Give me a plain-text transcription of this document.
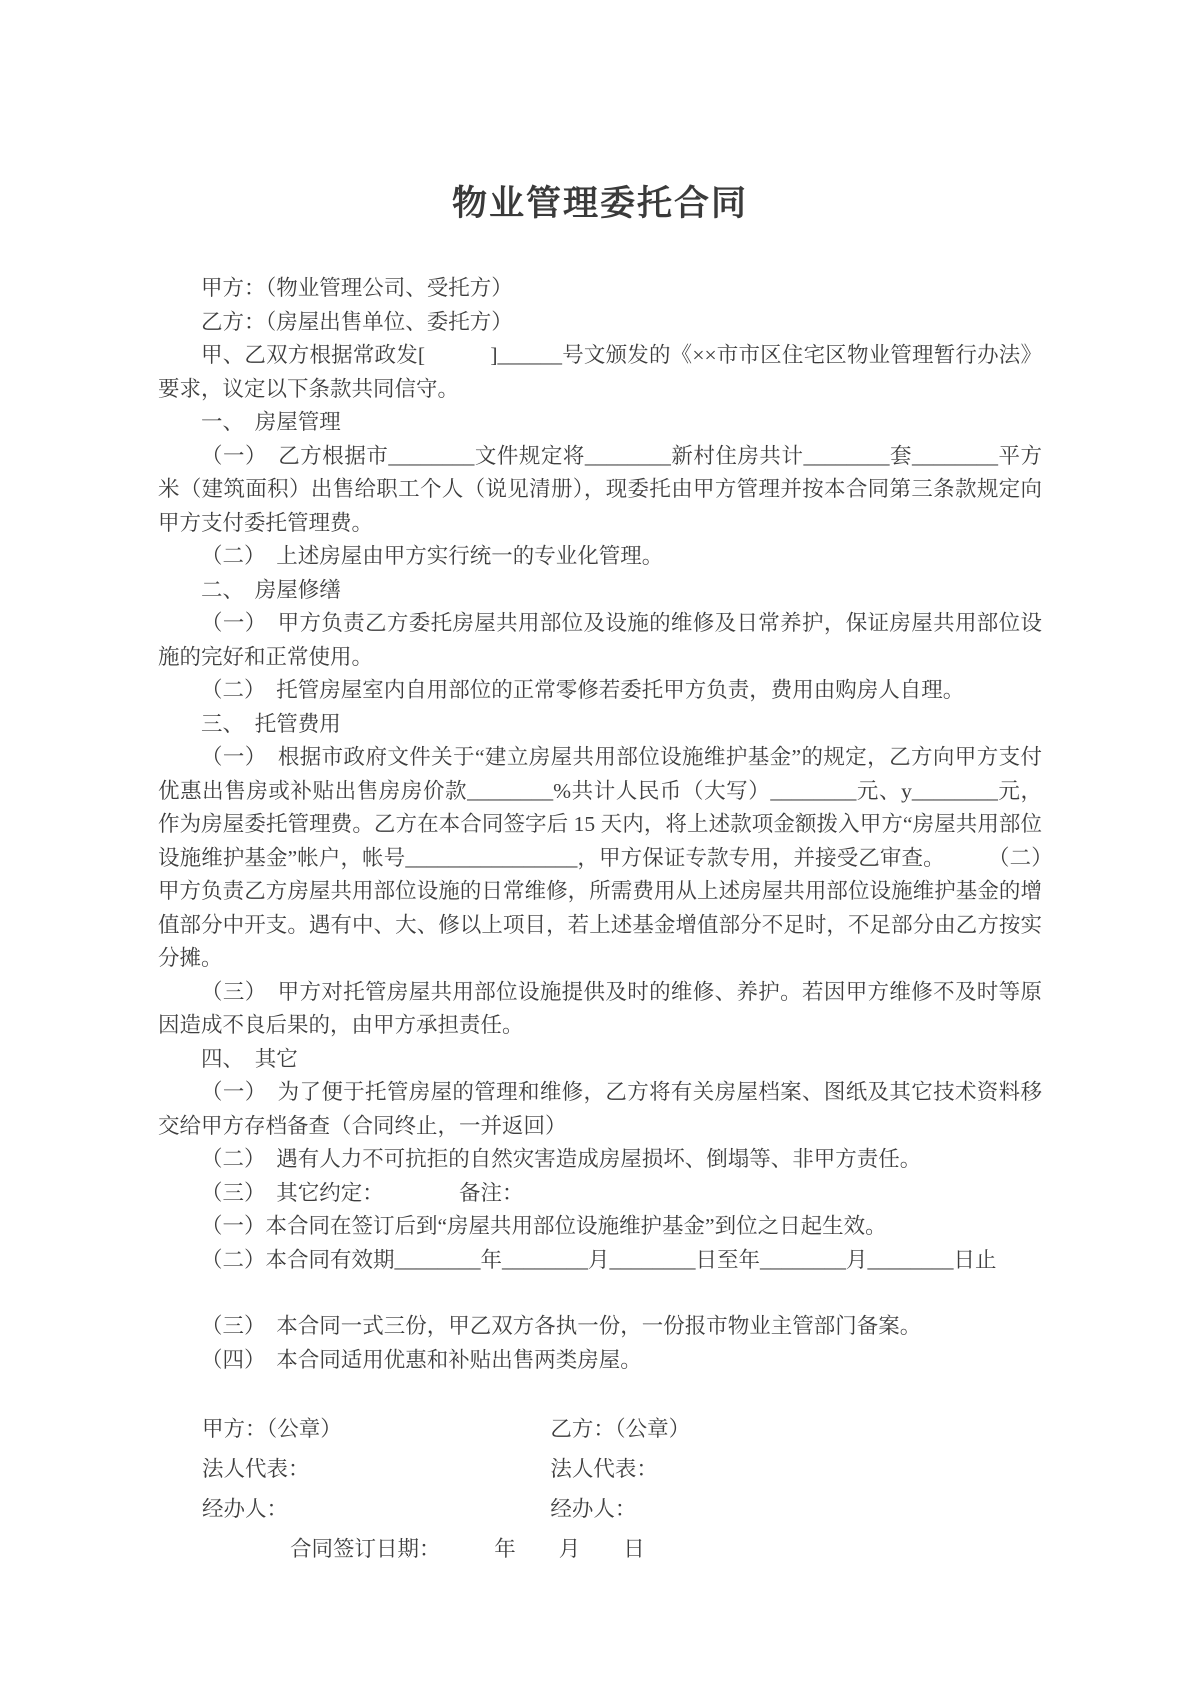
物业管理委托合同

甲方：（物业管理公司、受托方）

乙方：（房屋出售单位、委托方）

甲、乙双方根据常政发[　　　]______号文颁发的《××市市区住宅区物业管理暂行办法》要求，议定以下条款共同信守。

一、　房屋管理

（一）　乙方根据市________文件规定将________新村住房共计________套________平方米（建筑面积）出售给职工个人（说见清册），现委托由甲方管理并按本合同第三条款规定向甲方支付委托管理费。

（二）　上述房屋由甲方实行统一的专业化管理。

二、　房屋修缮

（一）　甲方负责乙方委托房屋共用部位及设施的维修及日常养护，保证房屋共用部位设施的完好和正常使用。

（二）　托管房屋室内自用部位的正常零修若委托甲方负责，费用由购房人自理。

三、　托管费用

（一）　根据市政府文件关于“建立房屋共用部位设施维护基金”的规定，乙方向甲方支付优惠出售房或补贴出售房房价款________%共计人民币（大写）________元、y________元，作为房屋委托管理费。乙方在本合同签字后 15 天内，将上述款项金额拨入甲方“房屋共用部位设施维护基金”帐户，帐号________________，甲方保证专款专用，并接受乙审查。　　　（二）　甲方负责乙方房屋共用部位设施的日常维修，所需费用从上述房屋共用部位设施维护基金的增值部分中开支。遇有中、大、修以上项目，若上述基金增值部分不足时，不足部分由乙方按实分摊。

（三）　甲方对托管房屋共用部位设施提供及时的维修、养护。若因甲方维修不及时等原因造成不良后果的，由甲方承担责任。

四、　其它

（一）　为了便于托管房屋的管理和维修，乙方将有关房屋档案、图纸及其它技术资料移交给甲方存档备查（合同终止，一并返回）

（二）　遇有人力不可抗拒的自然灾害造成房屋损坏、倒塌等、非甲方责任。

（三）　其它约定：　　　　备注：

（一）本合同在签订后到“房屋共用部位设施维护基金”到位之日起生效。

（二）本合同有效期________年________月________日至年________月________日止

（三）　本合同一式三份，甲乙双方各执一份，一份报市物业主管部门备案。

（四）　本合同适用优惠和补贴出售两类房屋。

甲方：（公章）	乙方：（公章）
法人代表：	法人代表：
经办人：	经办人：
合同签订日期：　　　年　　月　　日
